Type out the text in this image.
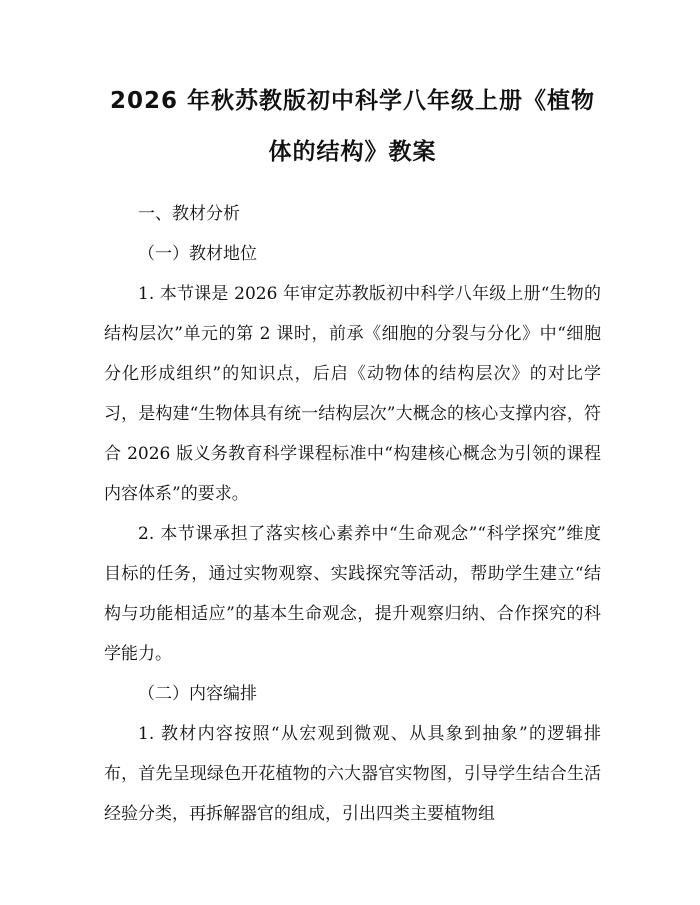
2026 年秋苏教版初中科学八年级上册《植物
体的结构》教案

一、教材分析

（一）教材地位

1. 本节课是 2026 年审定苏教版初中科学八年级上册“生物的结构层次”单元的第 2 课时，前承《细胞的分裂与分化》中“细胞分化形成组织”的知识点，后启《动物体的结构层次》的对比学习，是构建“生物体具有统一结构层次”大概念的核心支撑内容，符合 2026 版义务教育科学课程标准中“构建核心概念为引领的课程内容体系”的要求。

2. 本节课承担了落实核心素养中“生命观念”“科学探究”维度目标的任务，通过实物观察、实践探究等活动，帮助学生建立“结构与功能相适应”的基本生命观念，提升观察归纳、合作探究的科学能力。

（二）内容编排

1. 教材内容按照“从宏观到微观、从具象到抽象”的逻辑排布，首先呈现绿色开花植物的六大器官实物图，引导学生结合生活经验分类，再拆解器官的组成，引出四类主要植物组
